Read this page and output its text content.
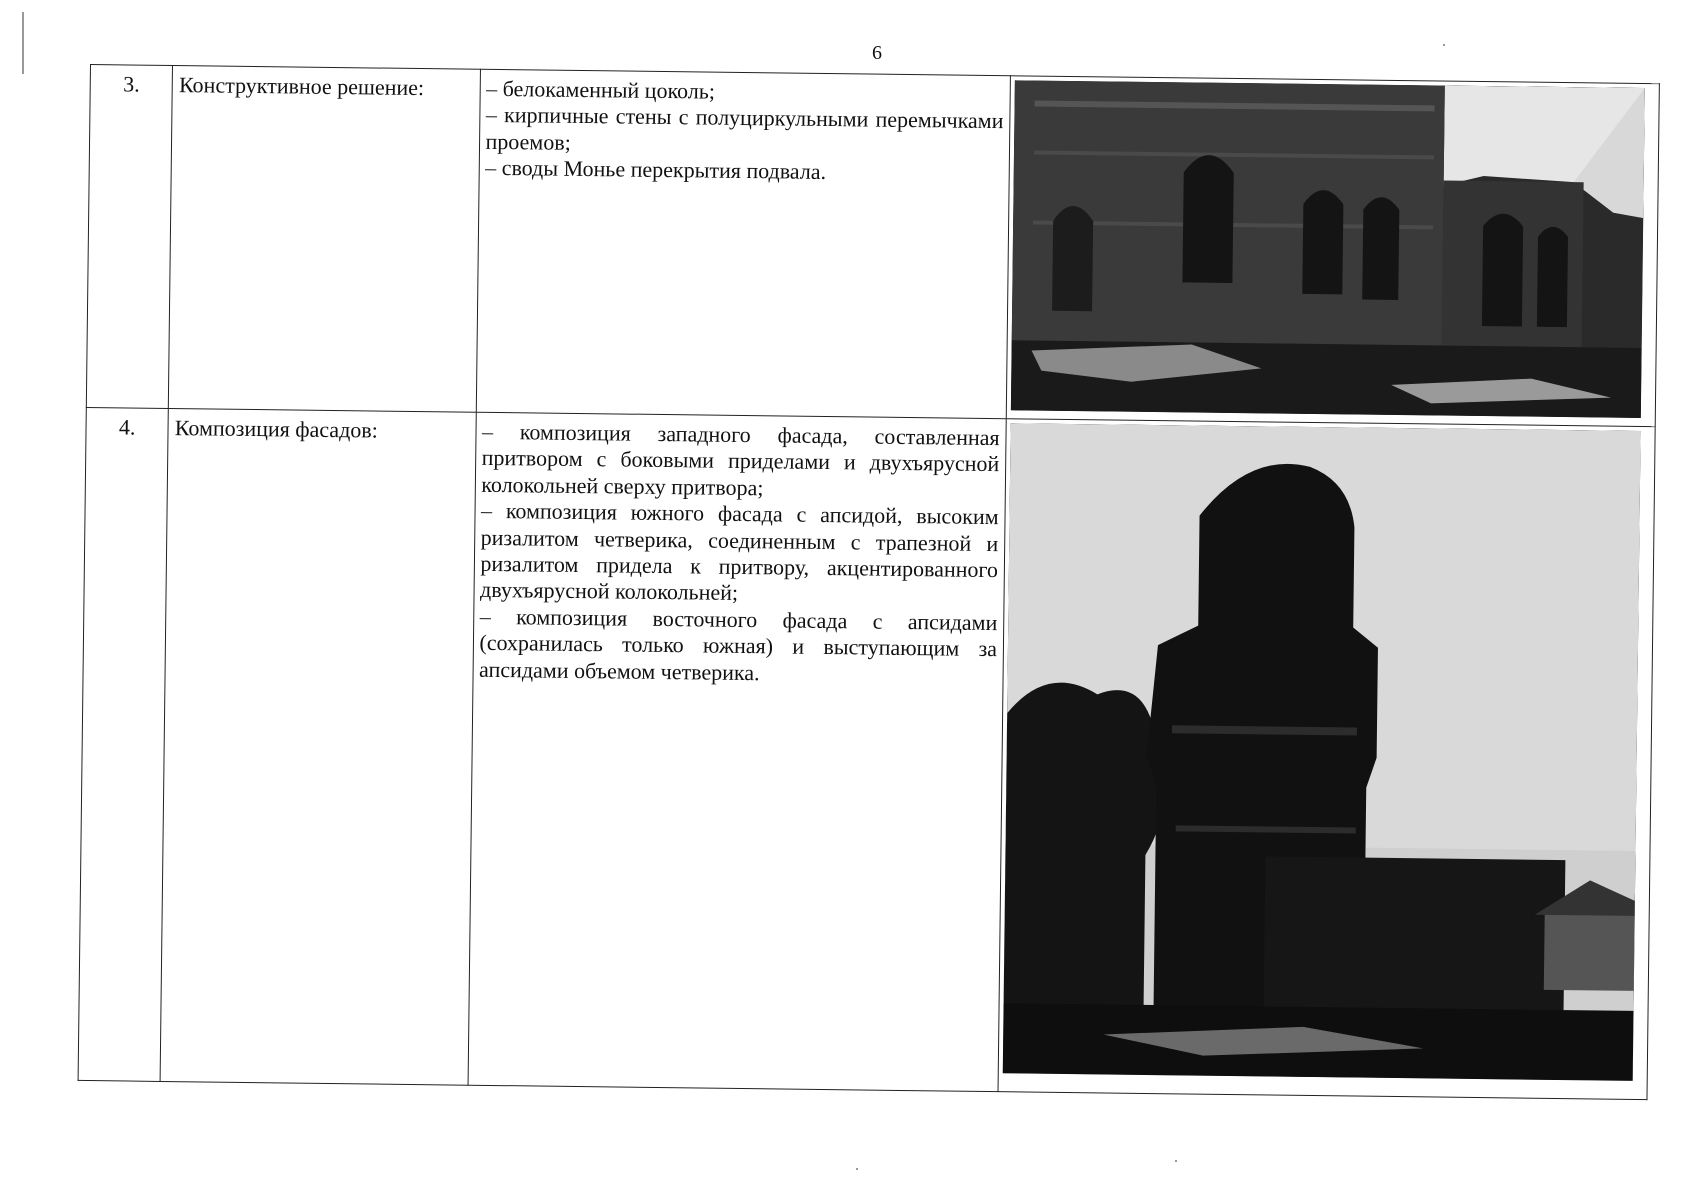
6
3.	Конструктивное решение:	– белокаменный цоколь;

– кирпичные стены с полуциркульными перемычками проемов;

– своды Монье перекрытия подвала.

4.	Композиция фасадов:	– композиция западного фасада, составленная притвором с боковыми приделами и двухъярусной колокольней сверху притвора;

– композиция южного фасада с апсидой, высоким ризалитом четверика, соединенным с трапезной и ризалитом придела к притвору, акцентированного двухъярусной колокольней;

– композиция восточного фасада с апсидами (сохранилась только южная) и выступающим за апсидами объемом четверика.
